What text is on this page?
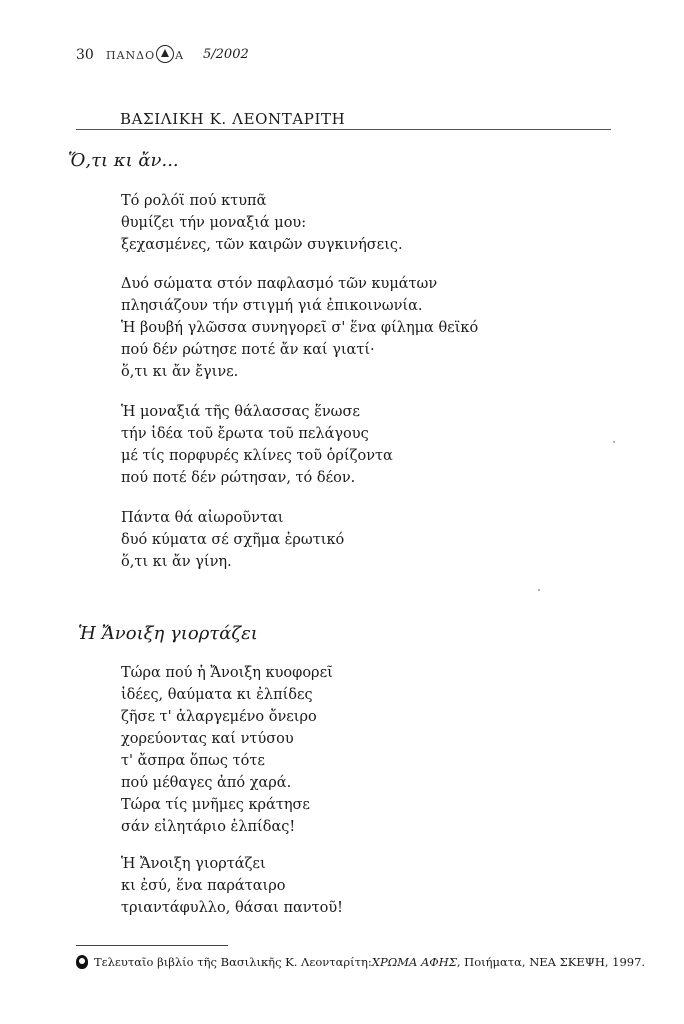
30 ΠΑΝΔΟ Α 5/2002
ΒΑΣΙΛΙΚΗ Κ. ΛΕΟΝΤΑΡΙΤΗ
Ὅ,τι κι ἄν...
Τό ρολόϊ πού κτυπᾶ
θυμίζει τήν μοναξιά μου:
ξεχασμένες, τῶν καιρῶν συγκινήσεις.
Δυό σώματα στόν παφλασμό τῶν κυμάτων
πλησιάζουν τήν στιγμή γιά ἐπικοινωνία.
Ἡ βουβή γλῶσσα συνηγορεῖ σ' ἕνα φίλημα θεϊκό
πού δέν ρώτησε ποτέ ἄν καί γιατί·
ὅ,τι κι ἄν ἔγινε.
Ἡ μοναξιά τῆς θάλασσας ἕνωσε
τήν ἰδέα τοῦ ἔρωτα τοῦ πελάγους
μέ τίς πορφυρές κλίνες τοῦ ὁρίζοντα
πού ποτέ δέν ρώτησαν, τό δέον.
Πάντα θά αἰωροῦνται
δυό κύματα σέ σχῆμα ἐρωτικό
ὅ,τι κι ἄν γίνη.
Ἡ Ἄνοιξη γιορτάζει
Τώρα πού ἡ Ἄνοιξη κυοφορεῖ
ἰδέες, θαύματα κι ἐλπίδες
ζῆσε τ' ἀλαργεμένο ὄνειρο
χορεύοντας καί ντύσου
τ' ἄσπρα ὅπως τότε
πού μέθαγες ἀπό χαρά.
Τώρα τίς μνῆμες κράτησε
σάν εἰλητάριο ἐλπίδας!
Ἡ Ἄνοιξη γιορτάζει
κι ἐσύ, ἕνα παράταιρο
τριαντάφυλλο, θάσαι παντοῦ!
Τελευταῖο βιβλίο τῆς Βασιλικῆς Κ. Λεονταρίτη: ΧΡΩΜΑ ΑΦΗΣ , Ποιήματα, ΝΕΑ ΣΚΕΨΗ, 1997.
